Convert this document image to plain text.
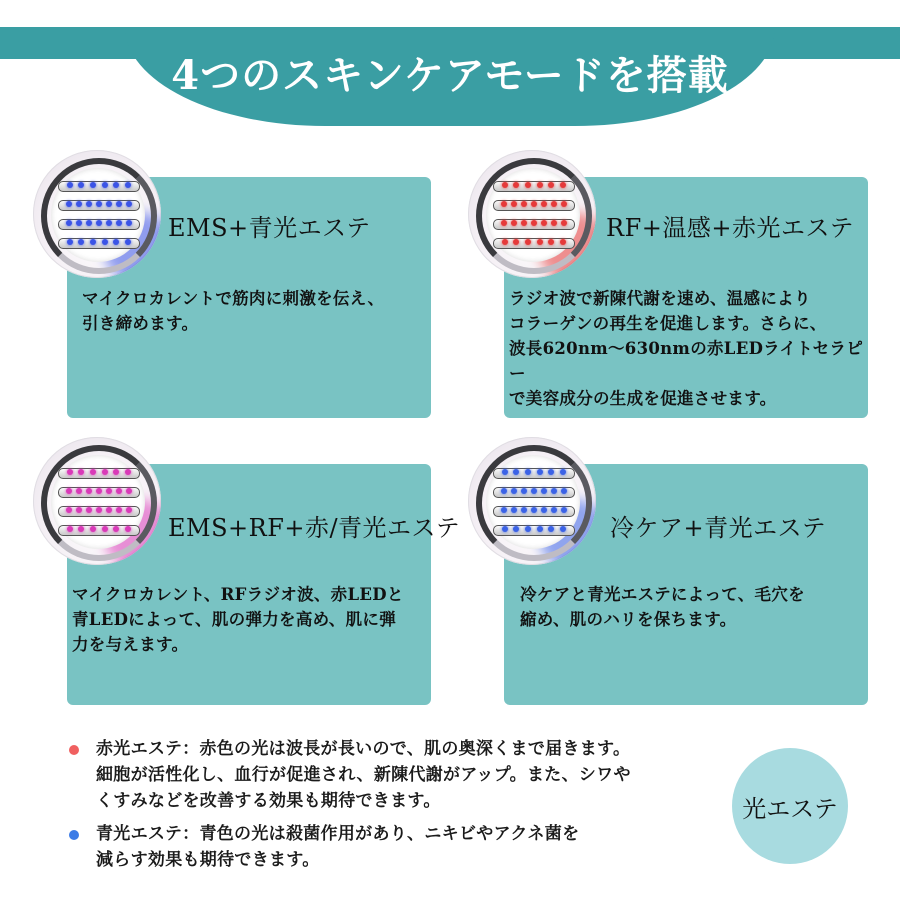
4つのスキンケアモードを搭載
EMS+青光エステ
マイクロカレントで筋肉に刺激を伝え、
引き締めます。
RF+温感+赤光エステ
ラジオ波で新陳代謝を速め、温感により
コラーゲンの再生を促進します。さらに、
波長620nm〜630nmの赤LEDライトセラピー
で美容成分の生成を促進させます。
EMS+RF+赤/青光エステ
マイクロカレント、RFラジオ波、赤LEDと
青LEDによって、肌の弾力を高め、肌に弾
力を与えます。
冷ケア+青光エステ
冷ケアと青光エステによって、毛穴を
縮め、肌のハリを保ちます。
赤光エステ：赤色の光は波長が長いので、肌の奥深くまで届きます。
細胞が活性化し、血行が促進され、新陳代謝がアップ。また、シワや
くすみなどを改善する効果も期待できます。
青光エステ：青色の光は殺菌作用があり、ニキビやアクネ菌を
減らす効果も期待できます。
光エステ
